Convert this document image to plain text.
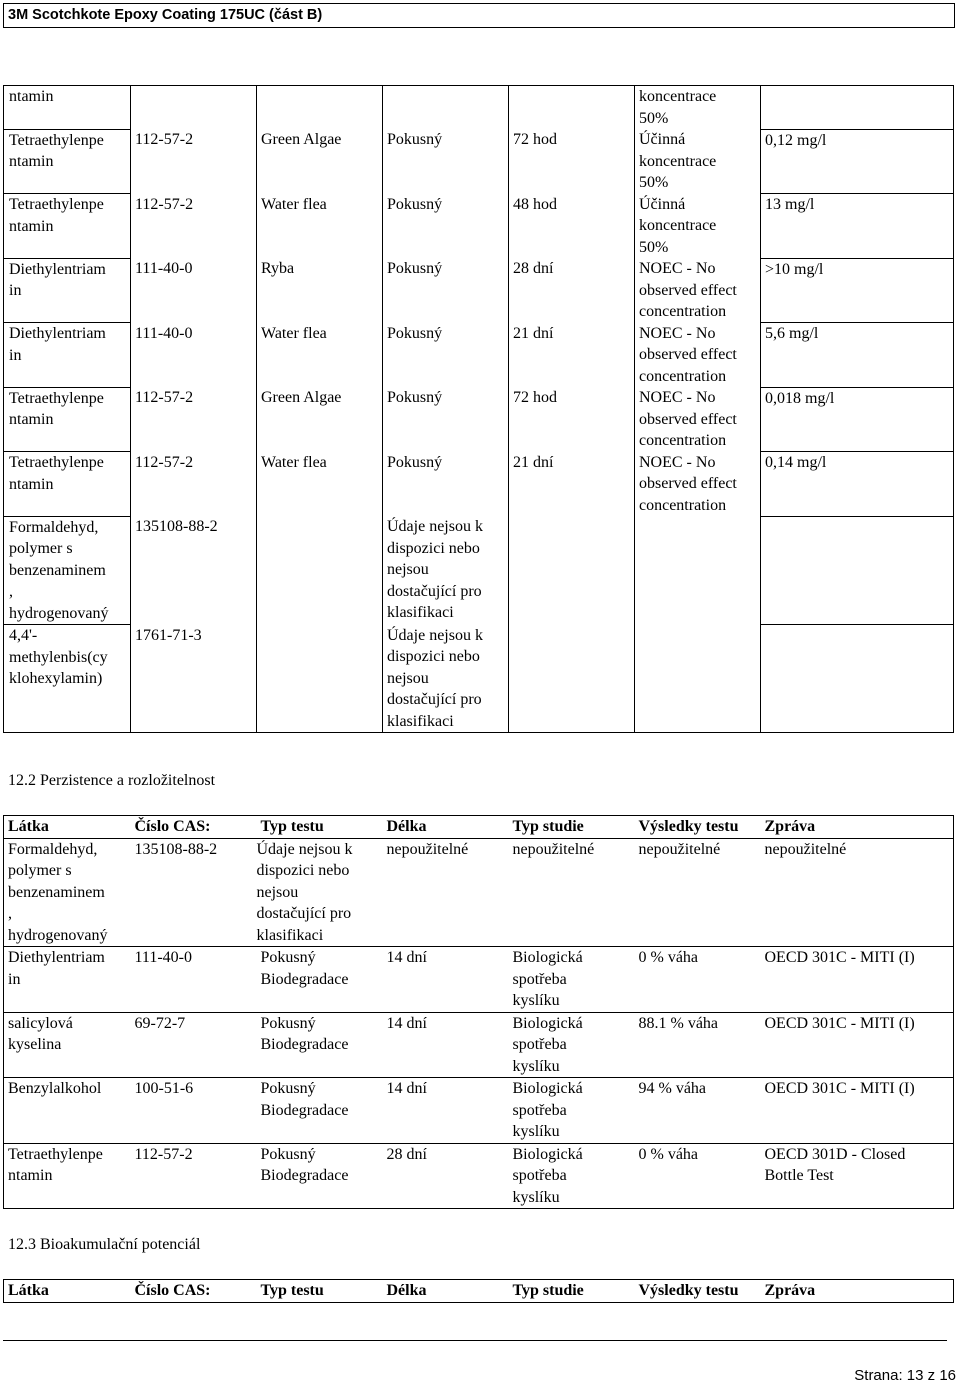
3M Scotchkote Epoxy Coating 175UC (část B)
ntamin					koncentrace
50%	
Tetraethylenpe
ntamin	112-57-2	Green Algae	Pokusný	72 hod	Účinná
koncentrace
50%	0,12 mg/l
Tetraethylenpe
ntamin	112-57-2	Water flea	Pokusný	48 hod	Účinná
koncentrace
50%	13 mg/l
Diethylentriam
in	111-40-0	Ryba	Pokusný	28 dní	NOEC - No
observed effect
concentration	>10 mg/l
Diethylentriam
in	111-40-0	Water flea	Pokusný	21 dní	NOEC - No
observed effect
concentration	5,6 mg/l
Tetraethylenpe
ntamin	112-57-2	Green Algae	Pokusný	72 hod	NOEC - No
observed effect
concentration	0,018 mg/l
Tetraethylenpe
ntamin	112-57-2	Water flea	Pokusný	21 dní	NOEC - No
observed effect
concentration	0,14 mg/l
Formaldehyd,
polymer s
benzenaminem
,
hydrogenovaný	135108-88-2		Údaje nejsou k
dispozici nebo
nejsou
dostačující pro
klasifikaci			
4,4'-
methylenbis(cy
klohexylamin)	1761-71-3		Údaje nejsou k
dispozici nebo
nejsou
dostačující pro
klasifikaci			
12.2 Perzistence a rozložitelnost
Látka	Číslo CAS:	Typ testu	Délka	Typ studie	Výsledky testu	Zpráva
Formaldehyd,
polymer s
benzenaminem
,
hydrogenovaný	135108-88-2	Údaje nejsou k
dispozici nebo
nejsou
dostačující pro
klasifikaci	nepoužitelné	nepoužitelné	nepoužitelné	nepoužitelné
Diethylentriam
in	111-40-0	Pokusný
Biodegradace	14 dní	Biologická
spotřeba
kyslíku	0 % váha	OECD 301C - MITI (I)
salicylová
kyselina	69-72-7	Pokusný
Biodegradace	14 dní	Biologická
spotřeba
kyslíku	88.1 % váha	OECD 301C - MITI (I)
Benzylalkohol	100-51-6	Pokusný
Biodegradace	14 dní	Biologická
spotřeba
kyslíku	94 % váha	OECD 301C - MITI (I)
Tetraethylenpe
ntamin	112-57-2	Pokusný
Biodegradace	28 dní	Biologická
spotřeba
kyslíku	0 % váha	OECD 301D - Closed
Bottle Test
12.3 Bioakumulační potenciál
Látka	Číslo CAS:	Typ testu	Délka	Typ studie	Výsledky testu	Zpráva
Strana: 13 z 16
